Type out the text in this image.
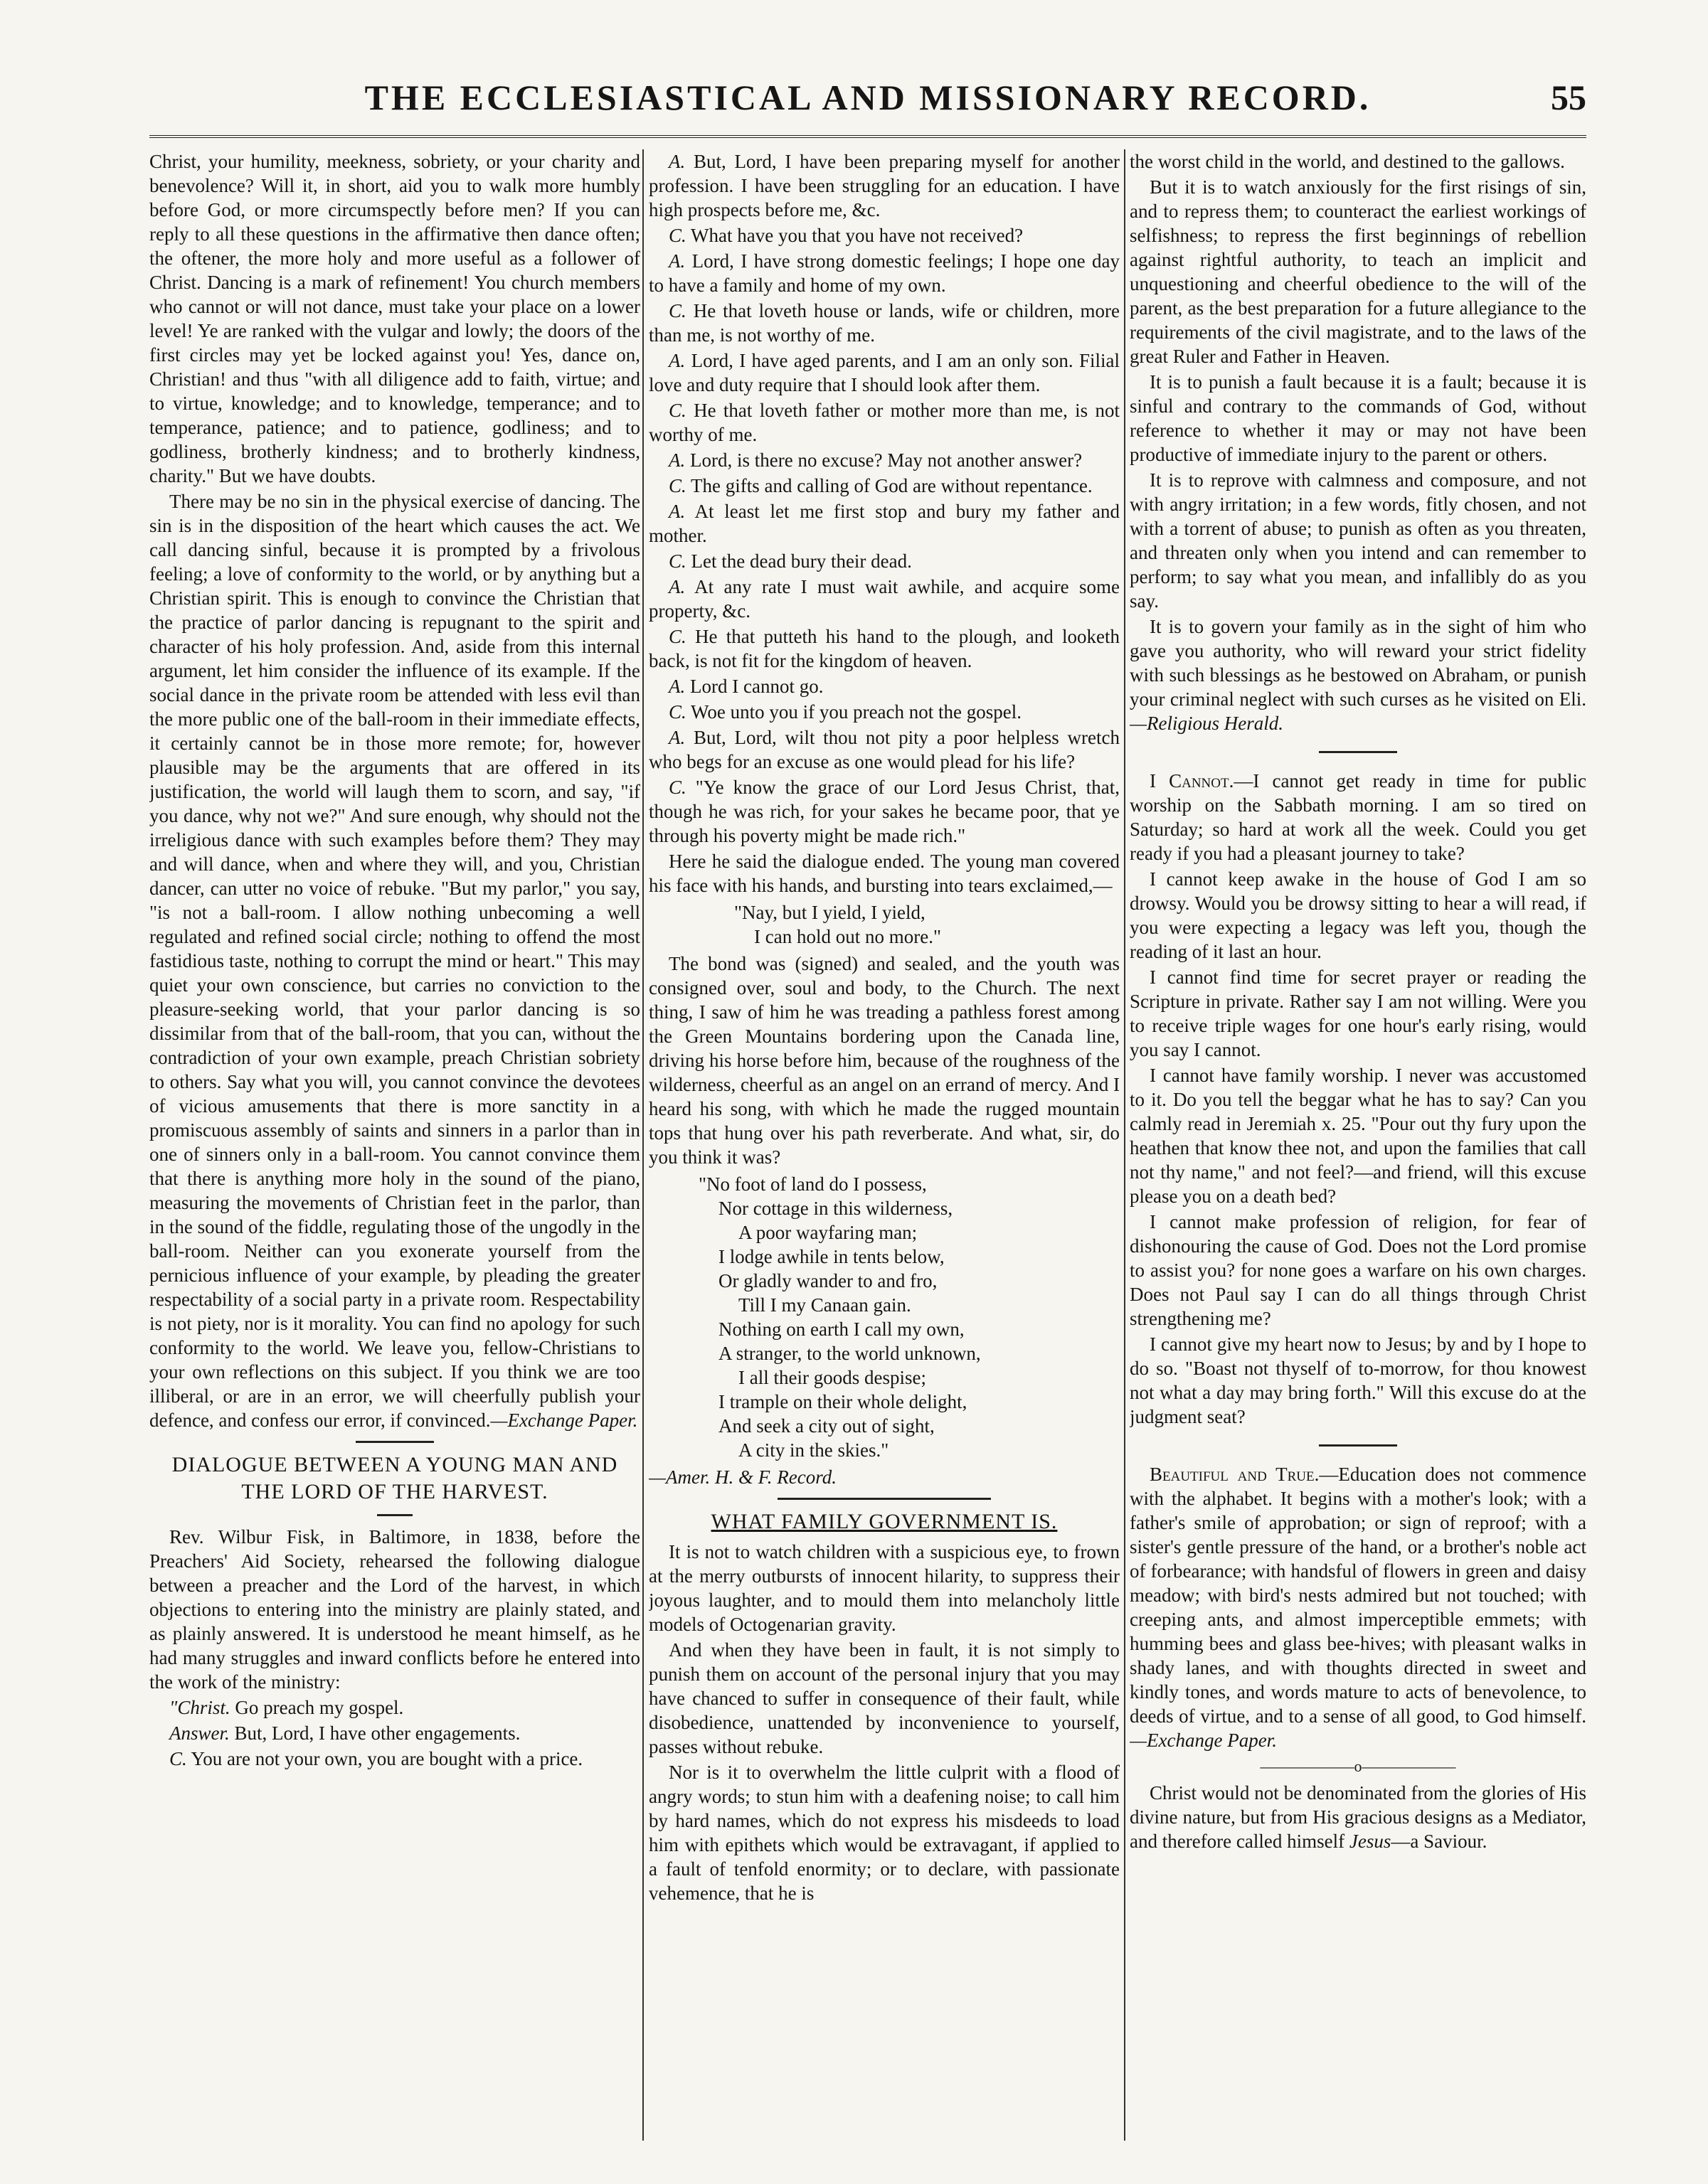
THE ECCLESIASTICAL AND MISSIONARY RECORD.	55

Christ, your humility, meekness, sobriety, or your charity and benevolence? Will it, in short, aid you to walk more humbly before God, or more circumspectly before men? If you can reply to all these questions in the affirmative then dance often; the oftener, the more holy and more useful as a follower of Christ. Dancing is a mark of refinement! You church members who cannot or will not dance, must take your place on a lower level! Ye are ranked with the vulgar and lowly; the doors of the first circles may yet be locked against you! Yes, dance on, Christian! and thus "with all diligence add to faith, virtue; and to virtue, knowledge; and to knowledge, temperance; and to temperance, patience; and to patience, godliness; and to godliness, brotherly kindness; and to brotherly kindness, charity." But we have doubts.

There may be no sin in the physical exercise of dancing. The sin is in the disposition of the heart which causes the act. We call dancing sinful, because it is prompted by a frivolous feeling; a love of conformity to the world, or by anything but a Christian spirit. This is enough to convince the Christian that the practice of parlor dancing is repugnant to the spirit and character of his holy profession. And, aside from this internal argument, let him consider the influence of its example. If the social dance in the private room be attended with less evil than the more public one of the ball-room in their immediate effects, it certainly cannot be in those more remote; for, however plausible may be the arguments that are offered in its justification, the world will laugh them to scorn, and say, "if you dance, why not we?" And sure enough, why should not the irreligious dance with such examples before them? They may and will dance, when and where they will, and you, Christian dancer, can utter no voice of rebuke. "But my parlor," you say, "is not a ball-room. I allow nothing unbecoming a well regulated and refined social circle; nothing to offend the most fastidious taste, nothing to corrupt the mind or heart." This may quiet your own conscience, but carries no conviction to the pleasure-seeking world, that your parlor dancing is so dissimilar from that of the ball-room, that you can, without the contradiction of your own example, preach Christian sobriety to others. Say what you will, you cannot convince the devotees of vicious amusements that there is more sanctity in a promiscuous assembly of saints and sinners in a parlor than in one of sinners only in a ball-room. You cannot convince them that there is anything more holy in the sound of the piano, measuring the movements of Christian feet in the parlor, than in the sound of the fiddle, regulating those of the ungodly in the ball-room. Neither can you exonerate yourself from the pernicious influence of your example, by pleading the greater respectability of a social party in a private room. Respectability is not piety, nor is it morality. You can find no apology for such conformity to the world. We leave you, fellow-Christians to your own reflections on this subject. If you think we are too illiberal, or are in an error, we will cheerfully publish your defence, and confess our error, if convinced.—Exchange Paper.

DIALOGUE BETWEEN A YOUNG MAN AND THE LORD OF THE HARVEST.

Rev. Wilbur Fisk, in Baltimore, in 1838, before the Preachers' Aid Society, rehearsed the following dialogue between a preacher and the Lord of the harvest, in which objections to entering into the ministry are plainly stated, and as plainly answered. It is understood he meant himself, as he had many struggles and inward conflicts before he entered into the work of the ministry:

"Christ. Go preach my gospel.

Answer. But, Lord, I have other engagements.

C. You are not your own, you are bought with a price.

A. But, Lord, I have been preparing myself for another profession. I have been struggling for an education. I have high prospects before me, &c.

C. What have you that you have not received?

A. Lord, I have strong domestic feelings; I hope one day to have a family and home of my own.

C. He that loveth house or lands, wife or children, more than me, is not worthy of me.

A. Lord, I have aged parents, and I am an only son. Filial love and duty require that I should look after them.

C. He that loveth father or mother more than me, is not worthy of me.

A. Lord, is there no excuse? May not another answer?

C. The gifts and calling of God are without repentance.

A. At least let me first stop and bury my father and mother.

C. Let the dead bury their dead.

A. At any rate I must wait awhile, and acquire some property, &c.

C. He that putteth his hand to the plough, and looketh back, is not fit for the kingdom of heaven.

A. Lord I cannot go.

C. Woe unto you if you preach not the gospel.

A. But, Lord, wilt thou not pity a poor helpless wretch who begs for an excuse as one would plead for his life?

C. "Ye know the grace of our Lord Jesus Christ, that, though he was rich, for your sakes he became poor, that ye through his poverty might be made rich."

Here he said the dialogue ended. The young man covered his face with his hands, and bursting into tears exclaimed,—

"Nay, but I yield, I yield,
I can hold out no more."

The bond was (signed) and sealed, and the youth was consigned over, soul and body, to the Church. The next thing, I saw of him he was treading a pathless forest among the Green Mountains bordering upon the Canada line, driving his horse before him, because of the roughness of the wilderness, cheerful as an angel on an errand of mercy. And I heard his song, with which he made the rugged mountain tops that hung over his path reverberate. And what, sir, do you think it was?

"No foot of land do I possess,
Nor cottage in this wilderness,
A poor wayfaring man;
I lodge awhile in tents below,
Or gladly wander to and fro,
Till I my Canaan gain.
Nothing on earth I call my own,
A stranger, to the world unknown,
I all their goods despise;
I trample on their whole delight,
And seek a city out of sight,
A city in the skies."

—Amer. H. & F. Record.

WHAT FAMILY GOVERNMENT IS.

It is not to watch children with a suspicious eye, to frown at the merry outbursts of innocent hilarity, to suppress their joyous laughter, and to mould them into melancholy little models of Octogenarian gravity.

And when they have been in fault, it is not simply to punish them on account of the personal injury that you may have chanced to suffer in consequence of their fault, while disobedience, unattended by inconvenience to yourself, passes without rebuke.

Nor is it to overwhelm the little culprit with a flood of angry words; to stun him with a deafening noise; to call him by hard names, which do not express his misdeeds to load him with epithets which would be extravagant, if applied to a fault of tenfold enormity; or to declare, with passionate vehemence, that he is

the worst child in the world, and destined to the gallows.

But it is to watch anxiously for the first risings of sin, and to repress them; to counteract the earliest workings of selfishness; to repress the first beginnings of rebellion against rightful authority, to teach an implicit and unquestioning and cheerful obedience to the will of the parent, as the best preparation for a future allegiance to the requirements of the civil magistrate, and to the laws of the great Ruler and Father in Heaven.

It is to punish a fault because it is a fault; because it is sinful and contrary to the commands of God, without reference to whether it may or may not have been productive of immediate injury to the parent or others.

It is to reprove with calmness and composure, and not with angry irritation; in a few words, fitly chosen, and not with a torrent of abuse; to punish as often as you threaten, and threaten only when you intend and can remember to perform; to say what you mean, and infallibly do as you say.

It is to govern your family as in the sight of him who gave you authority, who will reward your strict fidelity with such blessings as he bestowed on Abraham, or punish your criminal neglect with such curses as he visited on Eli.—Religious Herald.

I Cannot.—I cannot get ready in time for public worship on the Sabbath morning. I am so tired on Saturday; so hard at work all the week. Could you get ready if you had a pleasant journey to take?

I cannot keep awake in the house of God I am so drowsy. Would you be drowsy sitting to hear a will read, if you were expecting a legacy was left you, though the reading of it last an hour.

I cannot find time for secret prayer or reading the Scripture in private. Rather say I am not willing. Were you to receive triple wages for one hour's early rising, would you say I cannot.

I cannot have family worship. I never was accustomed to it. Do you tell the beggar what he has to say? Can you calmly read in Jeremiah x. 25. "Pour out thy fury upon the heathen that know thee not, and upon the families that call not thy name," and not feel?—and friend, will this excuse please you on a death bed?

I cannot make profession of religion, for fear of dishonouring the cause of God. Does not the Lord promise to assist you? for none goes a warfare on his own charges. Does not Paul say I can do all things through Christ strengthening me?

I cannot give my heart now to Jesus; by and by I hope to do so. "Boast not thyself of to-morrow, for thou knowest not what a day may bring forth." Will this excuse do at the judgment seat?

Beautiful and True.—Education does not commence with the alphabet. It begins with a mother's look; with a father's smile of approbation; or sign of reproof; with a sister's gentle pressure of the hand, or a brother's noble act of forbearance; with handsful of flowers in green and daisy meadow; with bird's nests admired but not touched; with creeping ants, and almost imperceptible emmets; with humming bees and glass bee-hives; with pleasant walks in shady lanes, and with thoughts directed in sweet and kindly tones, and words mature to acts of benevolence, to deeds of virtue, and to a sense of all good, to God himself.—Exchange Paper.

——————o——————

Christ would not be denominated from the glories of His divine nature, but from His gracious designs as a Mediator, and therefore called himself Jesus—a Saviour.
